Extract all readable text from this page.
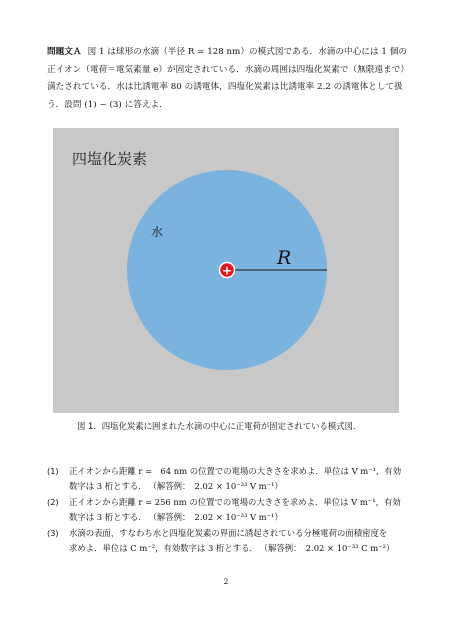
問題文Ａ 図 1 は球形の水滴（半径 R = 128 nm）の模式図である．水滴の中心には 1 個の
正イオン（電荷＝電気素量 e）が固定されている．水滴の周囲は四塩化炭素で（無限遠まで）
満たされている．水は比誘電率 80 の誘電体，四塩化炭素は比誘電率 2.2 の誘電体として扱
う．設問 (1) ~ (3) に答えよ．
四塩化炭素
水
R
+
図 1．四塩化炭素に囲まれた水滴の中心に正電荷が固定されている模式図．
(1)	正イオンから距離 r =　64 nm の位置での電場の大きさを求めよ．単位は V m⁻¹，有効
数字は 3 桁とする． （解答例：　2.02 × 10⁻³³ V m⁻¹）
(2)	正イオンから距離 r = 256 nm の位置での電場の大きさを求めよ．単位は V m⁻¹，有効
数字は 3 桁とする． （解答例：　2.02 × 10⁻³³ V m⁻¹）
(3)	水滴の表面，すなわち水と四塩化炭素の界面に誘起されている分極電荷の面積密度を
求めよ．単位は C m⁻²，有効数字は 3 桁とする． （解答例：　2.02 × 10⁻³³ C m⁻²）
2
